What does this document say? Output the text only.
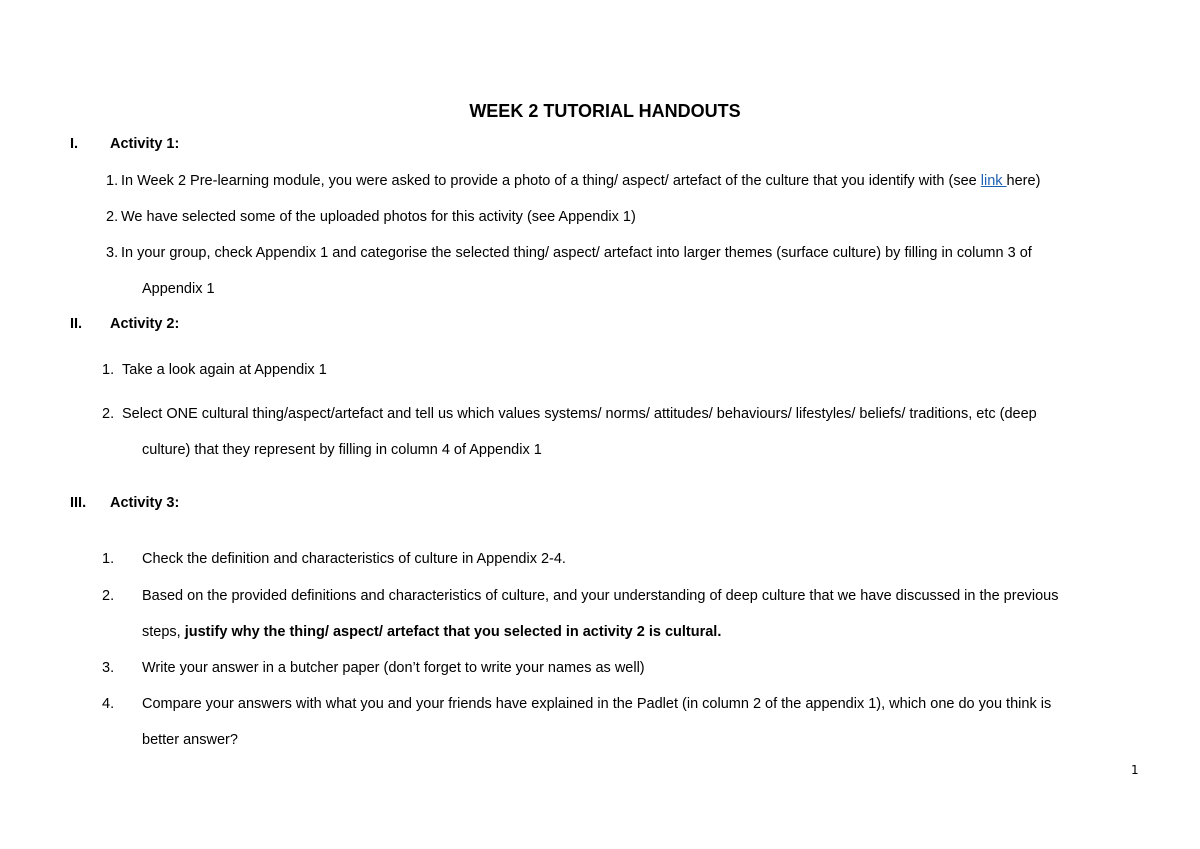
WEEK 2 TUTORIAL HANDOUTS
I. Activity 1:
1. In Week 2 Pre-learning module, you were asked to provide a photo of a thing/ aspect/ artefact of the culture that you identify with (see link here)
2. We have selected some of the uploaded photos for this activity (see Appendix 1)
3. In your group, check Appendix 1 and categorise the selected thing/ aspect/ artefact into larger themes (surface culture) by filling in column 3 of
Appendix 1
II. Activity 2:
1. Take a look again at Appendix 1
2. Select ONE cultural thing/aspect/artefact and tell us which values systems/ norms/ attitudes/ behaviours/ lifestyles/ beliefs/ traditions, etc (deep
culture) that they represent by filling in column 4 of Appendix 1
III. Activity 3:
1. Check the definition and characteristics of culture in Appendix 2-4.
2. Based on the provided definitions and characteristics of culture, and your understanding of deep culture that we have discussed in the previous
steps, justify why the thing/ aspect/ artefact that you selected in activity 2 is cultural.
3. Write your answer in a butcher paper (don’t forget to write your names as well)
4. Compare your answers with what you and your friends have explained in the Padlet (in column 2 of the appendix 1), which one do you think is
better answer?
1
